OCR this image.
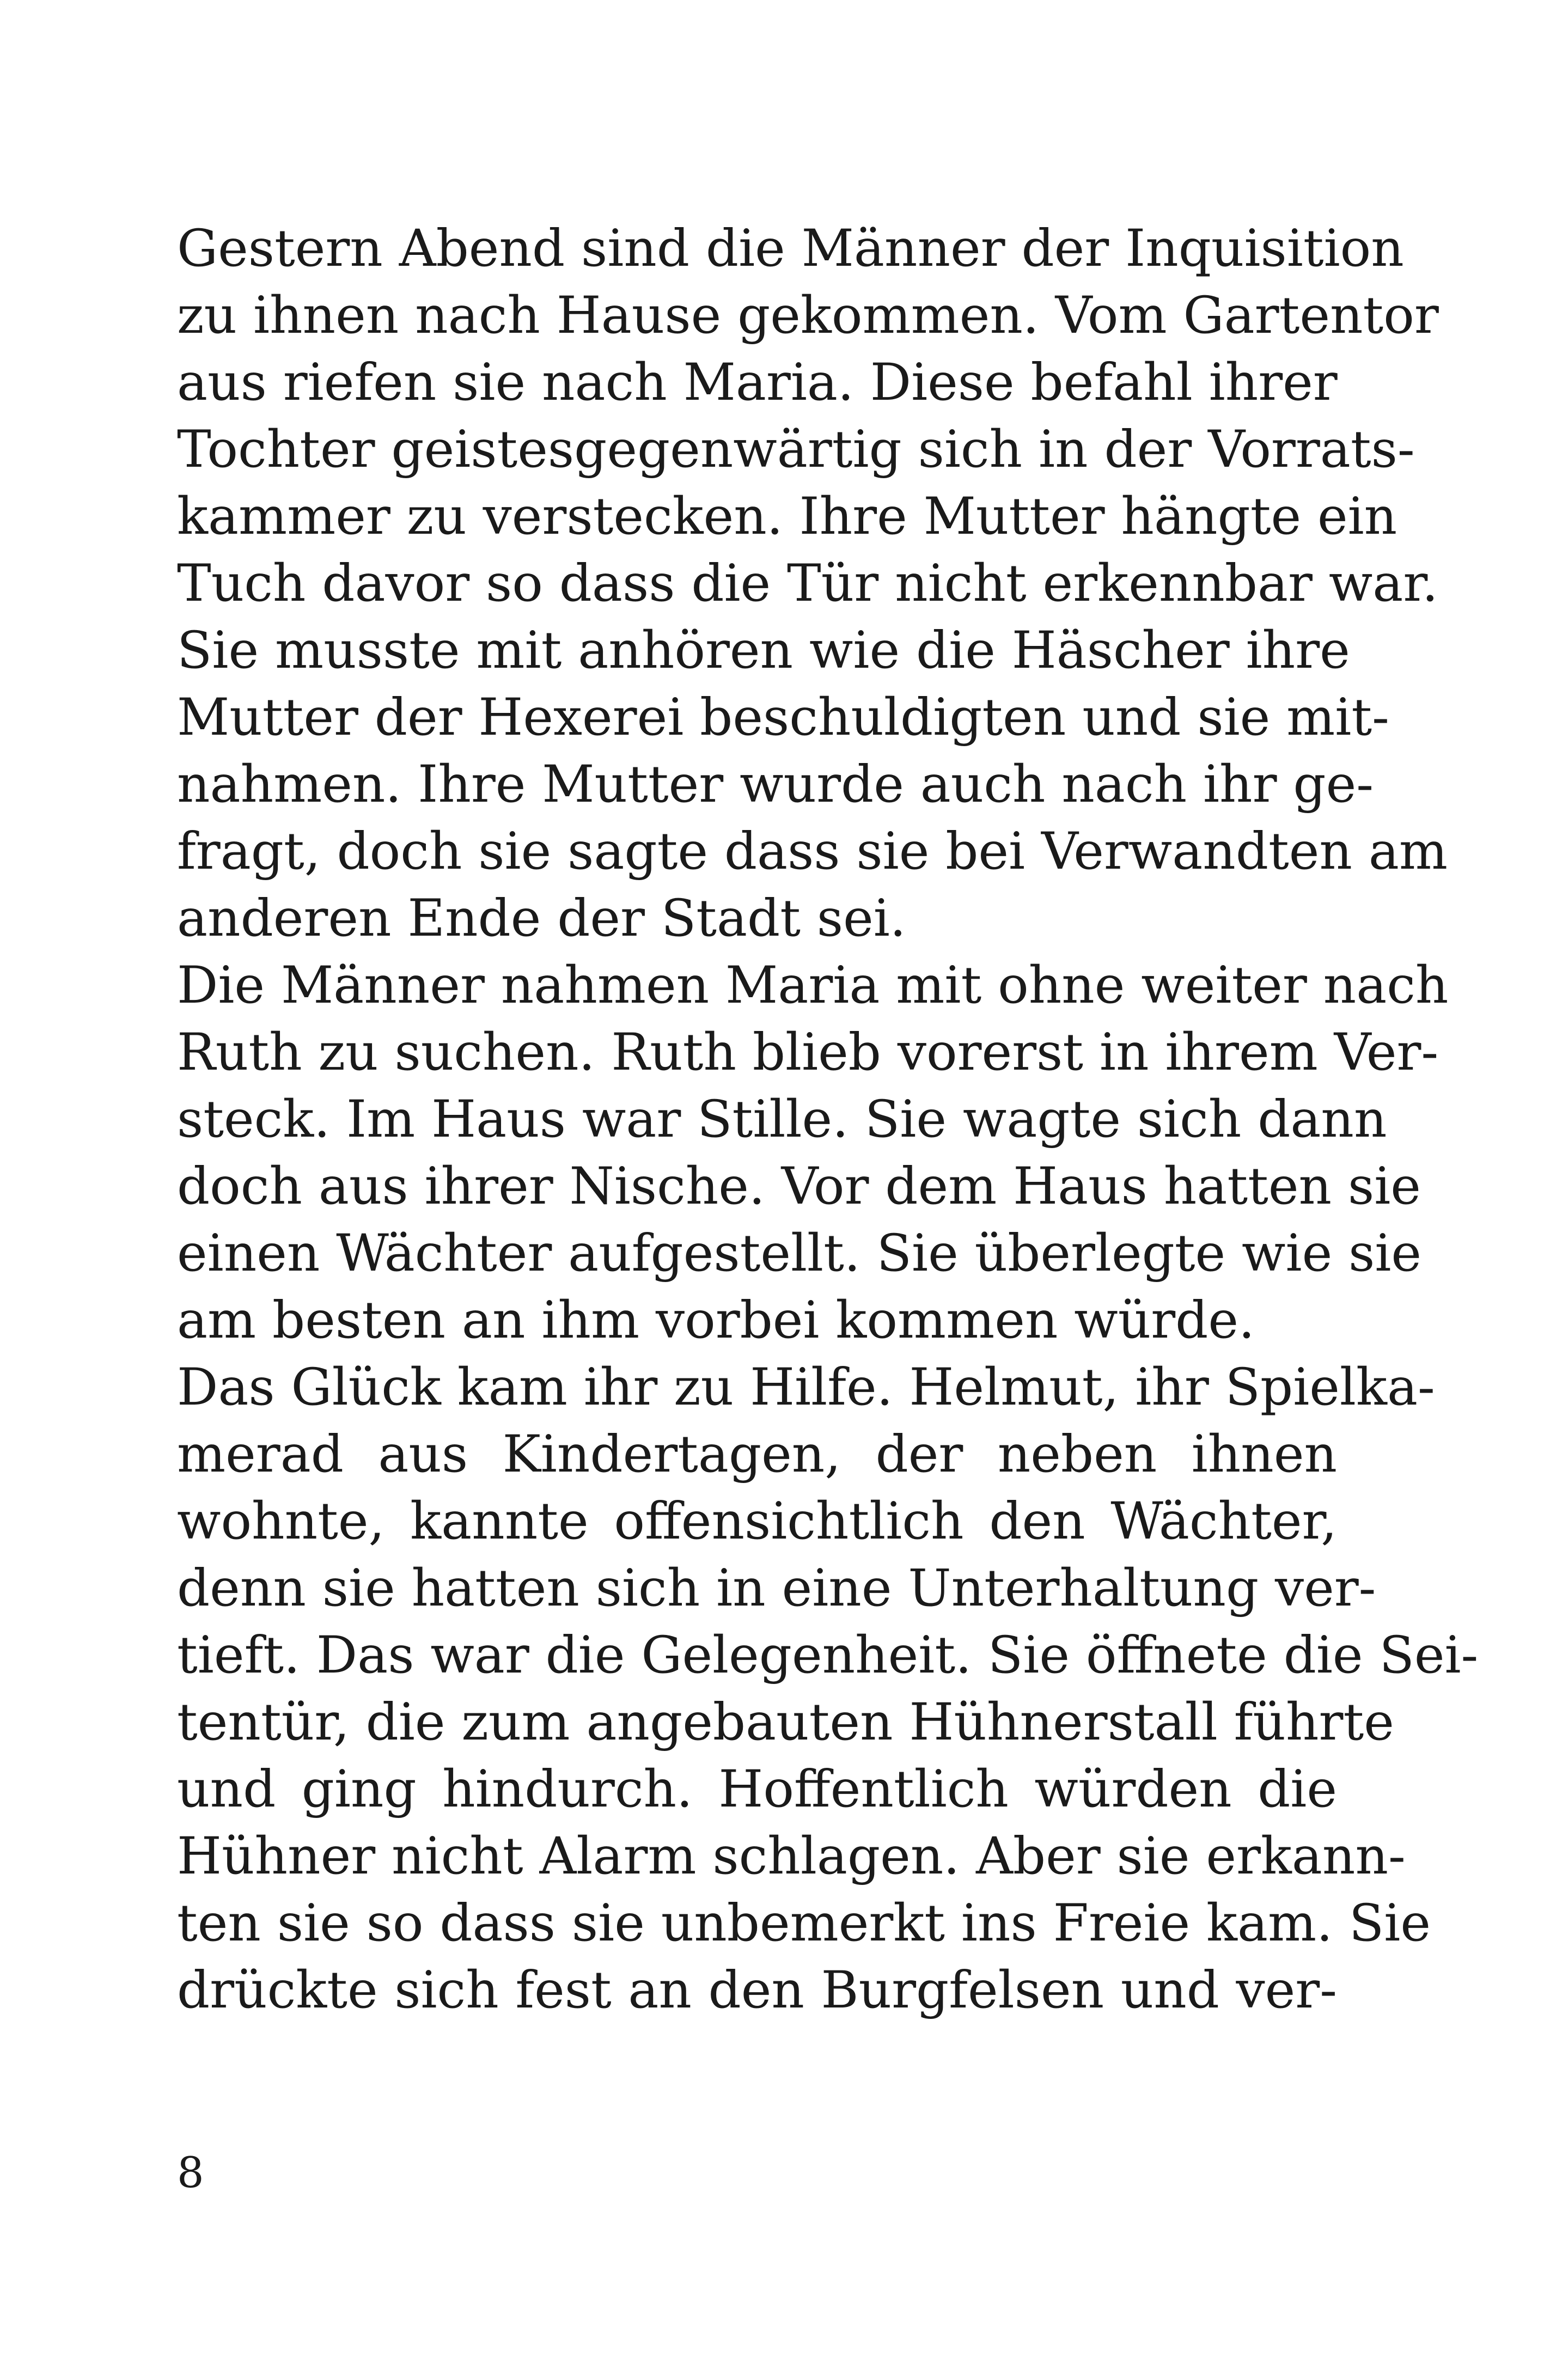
Gestern Abend sind die Männer der Inquisition
zu ihnen nach Hause gekommen. Vom Gartentor
aus riefen sie nach Maria. Diese befahl ihrer
Tochter geistesgegenwärtig sich in der Vorrats-
kammer zu verstecken. Ihre Mutter hängte ein
Tuch davor so dass die Tür nicht erkennbar war.
Sie musste mit anhören wie die Häscher ihre
Mutter der Hexerei beschuldigten und sie mit-
nahmen. Ihre Mutter wurde auch nach ihr ge-
fragt, doch sie sagte dass sie bei Verwandten am
anderen Ende der Stadt sei.
Die Männer nahmen Maria mit ohne weiter nach
Ruth zu suchen. Ruth blieb vorerst in ihrem Ver-
steck. Im Haus war Stille. Sie wagte sich dann
doch aus ihrer Nische. Vor dem Haus hatten sie
einen Wächter aufgestellt. Sie überlegte wie sie
am besten an ihm vorbei kommen würde.
Das Glück kam ihr zu Hilfe. Helmut, ihr Spielka-
merad aus Kindertagen, der neben ihnen
wohnte, kannte offensichtlich den Wächter,
denn sie hatten sich in eine Unterhaltung ver-
tieft. Das war die Gelegenheit. Sie öffnete die Sei-
tentür, die zum angebauten Hühnerstall führte
und ging hindurch. Hoffentlich würden die
Hühner nicht Alarm schlagen. Aber sie erkann-
ten sie so dass sie unbemerkt ins Freie kam. Sie
drückte sich fest an den Burgfelsen und ver-
8
